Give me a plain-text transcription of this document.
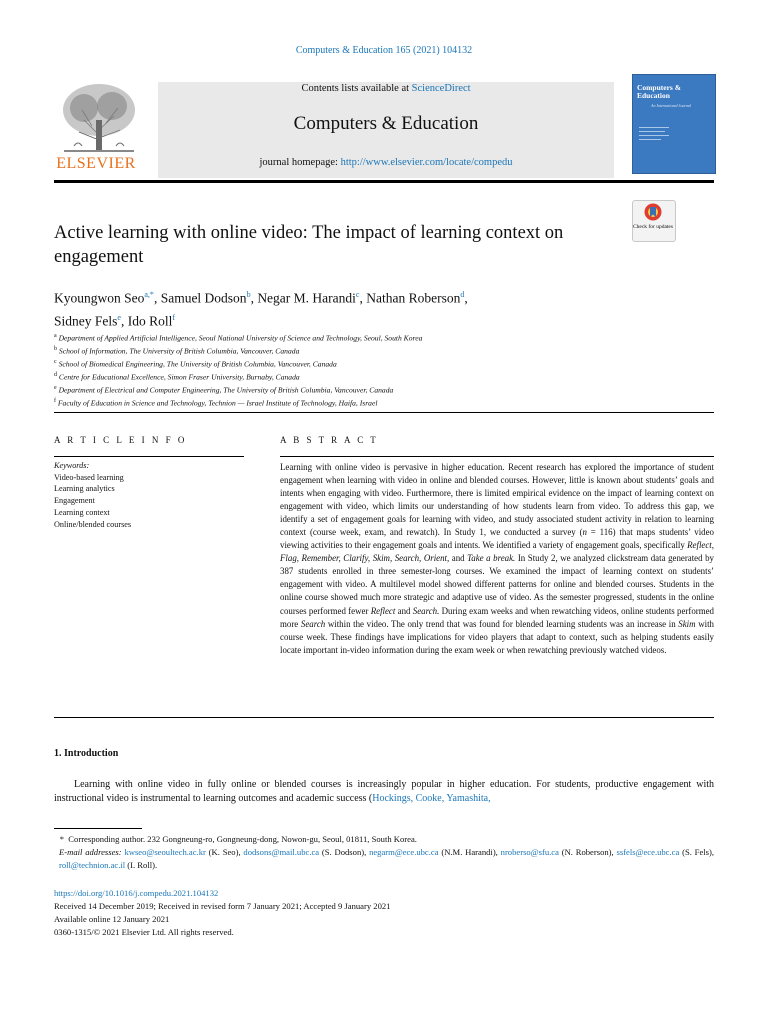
Computers & Education 165 (2021) 104132
ELSEVIER
Contents lists available at ScienceDirect
Computers & Education
journal homepage: http://www.elsevier.com/locate/compedu
Computers & Education
An International Journal
Active learning with online video: The impact of learning context on engagement
Check for updates
Kyoungwon Seo$^{a,*}$, Samuel Dodson$^b$, Negar M. Harandi$^c$, Nathan Roberson$^d$,
Sidney Fels$^e$, Ido Roll$^f$
$^a$ Department of Applied Artificial Intelligence, Seoul National University of Science and Technology, Seoul, South Korea
$^b$ School of Information, The University of British Columbia, Vancouver, Canada
$^c$ School of Biomedical Engineering, The University of British Columbia, Vancouver, Canada
$^d$ Centre for Educational Excellence, Simon Fraser University, Burnaby, Canada
$^e$ Department of Electrical and Computer Engineering, The University of British Columbia, Vancouver, Canada
$^f$ Faculty of Education in Science and Technology, Technion — Israel Institute of Technology, Haifa, Israel
A R T I C L E I N F O	A B S T R A C T
Keywords:
Video-based learning
Learning analytics
Engagement
Learning context
Online/blended courses
Learning with online video is pervasive in higher education. Recent research has explored the importance of student engagement when learning with video in online and blended courses. However, little is known about students’ goals and intents when engaging with video. Furthermore, there is limited empirical evidence on the impact of learning context on engagement with video, which limits our understanding of how students learn from video. To address this gap, we identify a set of engagement goals for learning with video, and study associated student activity in relation to learning context (course week, exam, and rewatch). In Study 1, we conducted a survey (n = 116) that maps students’ video viewing activities to their engagement goals and intents. We identified a variety of engagement goals, specifically Reflect, Flag, Remember, Clarify, Skim, Search, Orient, and Take a break. In Study 2, we analyzed clickstream data generated by 387 students enrolled in three semester-long courses. We examined the impact of learning context on students’ engagement with video. A multilevel model showed different patterns for online and blended courses. Students in the online course showed much more strategic and adaptive use of video. As the semester progressed, students in the online courses performed fewer Reflect and Search. During exam weeks and when rewatching videos, online students performed more Search within the video. The only trend that was found for blended learning students was an increase in Skim with course week. These findings have implications for video players that adapt to context, such as helping students easily locate important in-video information during the exam week or when rewatching previously watched videos.
1. Introduction
Learning with online video in fully online or blended courses is increasingly popular in higher education. For students, productive engagement with instructional video is instrumental to learning outcomes and academic success (Hockings, Cooke, Yamashita,
* Corresponding author. 232 Gongneung-ro, Gongneung-dong, Nowon-gu, Seoul, 01811, South Korea.
E-mail addresses: kwseo@seoultech.ac.kr (K. Seo), dodsons@mail.ubc.ca (S. Dodson), negarm@ece.ubc.ca (N.M. Harandi), nroberso@sfu.ca (N. Roberson), ssfels@ece.ubc.ca (S. Fels), roll@technion.ac.il (I. Roll).
https://doi.org/10.1016/j.compedu.2021.104132
Received 14 December 2019; Received in revised form 7 January 2021; Accepted 9 January 2021
Available online 12 January 2021
0360-1315/© 2021 Elsevier Ltd. All rights reserved.
